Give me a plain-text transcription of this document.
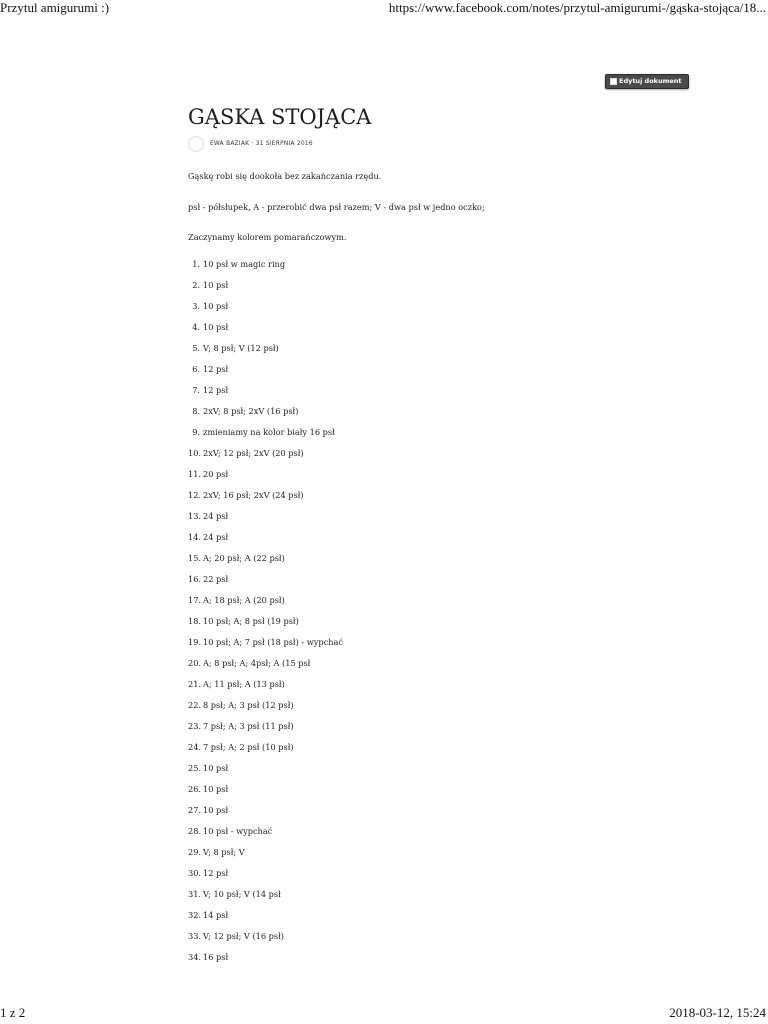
Przytul amigurumi :)	https://www.facebook.com/notes/przytul-amigurumi-/gąska-stojąca/18...
Edytuj dokument
GĄSKA STOJĄCA
EWA BAZIAK · 31 SIERPNIA 2016

Gąskę robi się dookoła bez zakańczania rzędu.

psł - półsłupek, A - przerobić dwa psł razem; V - dwa psł w jedno oczko;

Zaczynamy kolorem pomarańczowym.

1. 10 psł w magic ring
2. 10 psł
3. 10 psł
4. 10 psł
5. V; 8 psł; V (12 psł)
6. 12 psł
7. 12 psł
8. 2xV; 8 psł; 2xV (16 psł)
9. zmieniamy na kolor biały 16 psł
10. 2xV; 12 psł; 2xV (20 psł)
11. 20 psł
12. 2xV; 16 psł; 2xV (24 psł)
13. 24 psł
14. 24 psł
15. A; 20 psł; A (22 psł)
16. 22 psł
17. A; 18 psł; A (20 psł)
18. 10 psł; A; 8 psł (19 psł)
19. 10 psł; A; 7 psł (18 psł) - wypchać
20. A; 8 psł; A; 4psł; A (15 psł
21. A; 11 psł; A (13 psł)
22. 8 psł; A; 3 psł (12 psł)
23. 7 psł; A; 3 psł (11 psł)
24. 7 psł; A; 2 psł (10 psł)
25. 10 psł
26. 10 psł
27. 10 psł
28. 10 psł - wypchać
29. V; 8 psł; V
30. 12 psł
31. V; 10 psł; V (14 psł
32. 14 psł
33. V; 12 psł; V (16 psł)
34. 16 psł
1 z 2	2018-03-12, 15:24
